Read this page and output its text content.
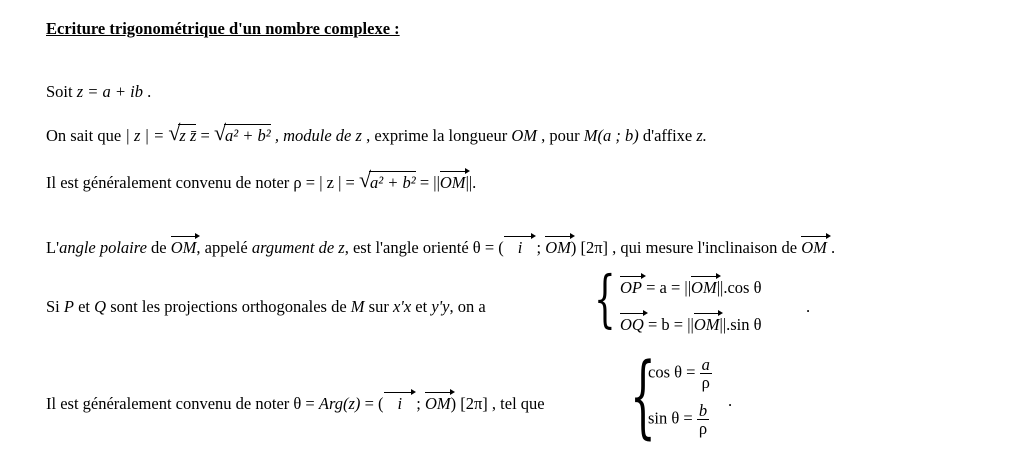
Ecriture trigonométrique d'un nombre complexe :
Soit z = a + ib .
On sait que | z | = √
z z̄ = √
a² + b² , module de z , exprime la longueur OM , pour M(a ; b) d'affixe z.
Il est généralement convenu de noter ρ = | z | = √
a² + b² = ||OM||.
L'angle polaire de OM, appelé argument de z, est l'angle orienté θ = ( i ; OM) [2π] , qui mesure l'inclinaison de OM .
Si P et Q sont les projections orthogonales de M sur x'x et y'y, on a { OP = a = ||OM||.cos θ
OQ = b = ||OM||.sin θ
.
Il est généralement convenu de noter θ = Arg(z) = ( i ; OM) [2π] , tel que {
$\cos \theta = \frac{a}{\rho}$
$\sin \theta = \frac{b}{\rho}$
.
